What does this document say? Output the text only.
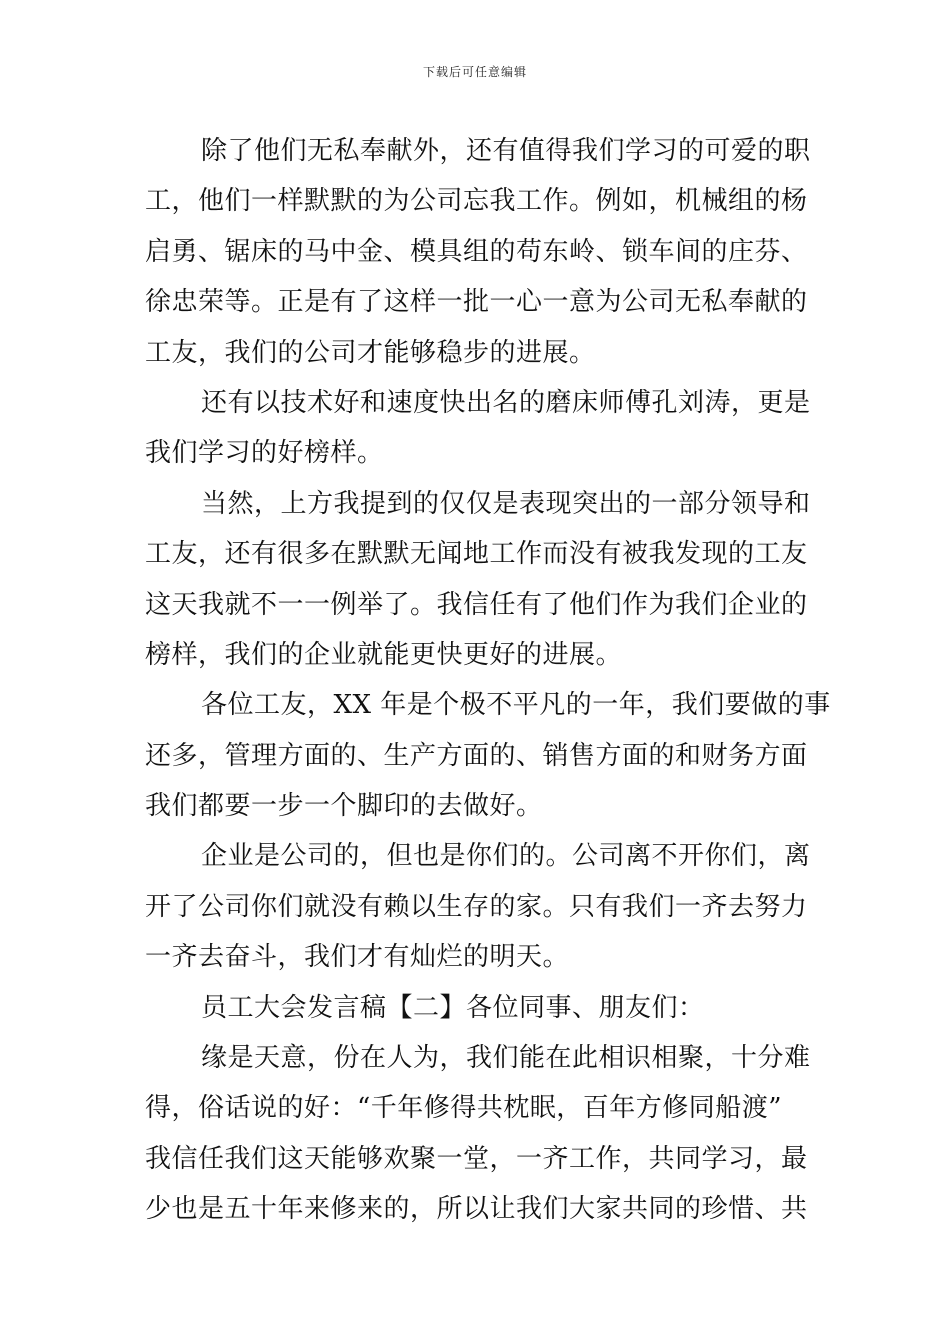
下载后可任意编辑
除了他们无私奉献外，还有值得我们学习的可爱的职
工，他们一样默默的为公司忘我工作。例如，机械组的杨
启勇、锯床的马中金、模具组的苟东岭、锁车间的庄芬、
徐忠荣等。正是有了这样一批一心一意为公司无私奉献的
工友，我们的公司才能够稳步的进展。
还有以技术好和速度快出名的磨床师傅孔刘涛，更是
我们学习的好榜样。
当然，上方我提到的仅仅是表现突出的一部分领导和
工友，还有很多在默默无闻地工作而没有被我发现的工友
这天我就不一一例举了。我信任有了他们作为我们企业的
榜样，我们的企业就能更快更好的进展。
各位工友，XX 年是个极不平凡的一年，我们要做的事
还多，管理方面的、生产方面的、销售方面的和财务方面
我们都要一步一个脚印的去做好。
企业是公司的，但也是你们的。公司离不开你们，离
开了公司你们就没有赖以生存的家。只有我们一齐去努力
一齐去奋斗，我们才有灿烂的明天。
员工大会发言稿【二】各位同事、朋友们：
缘是天意，份在人为，我们能在此相识相聚，十分难
得，俗话说的好：“千年修得共枕眠，百年方修同船渡”
我信任我们这天能够欢聚一堂，一齐工作，共同学习，最
少也是五十年来修来的，所以让我们大家共同的珍惜、共
